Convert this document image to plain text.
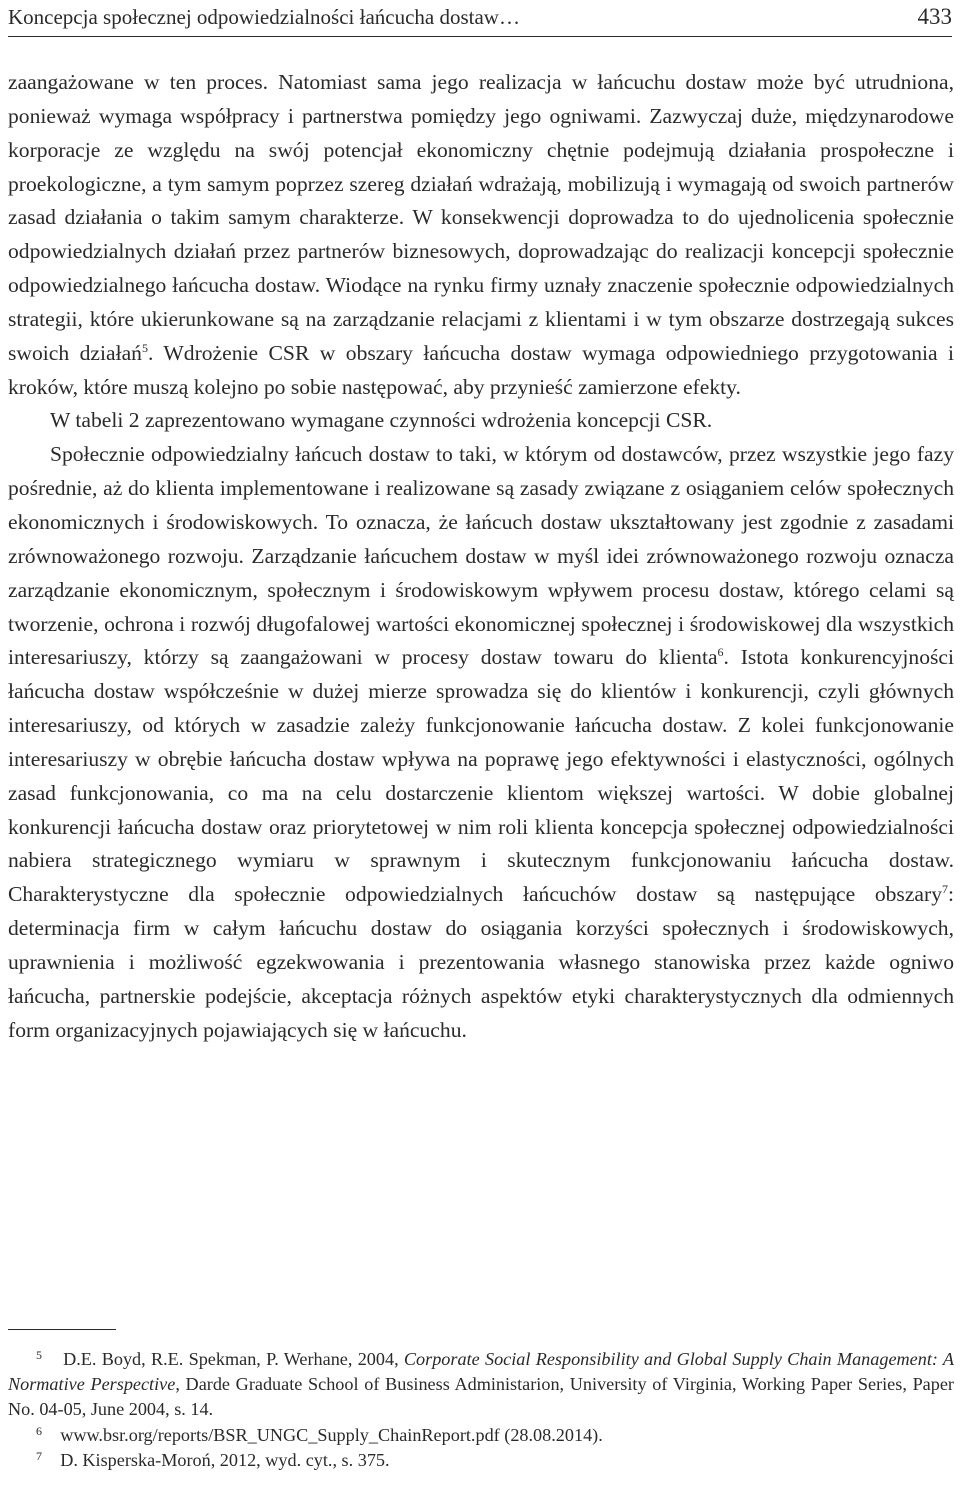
Koncepcja społecznej odpowiedzialności łańcucha dostaw…	433

zaangażowane w ten proces. Natomiast sama jego realizacja w łańcuchu dostaw może być utrudniona, ponieważ wymaga współpracy i partnerstwa pomiędzy jego ogniwami. Zazwyczaj duże, międzynarodowe korporacje ze względu na swój potencjał ekonomiczny chętnie podejmują działania prospołeczne i proekologiczne, a tym samym poprzez szereg działań wdrażają, mobilizują i wymagają od swoich partnerów zasad działania o takim samym charakterze. W konsekwencji doprowadza to do ujednolicenia społecznie odpowiedzialnych działań przez partnerów biznesowych, doprowadzając do realizacji koncepcji społecznie odpowiedzialnego łańcucha dostaw. Wiodące na rynku firmy uznały znaczenie społecznie odpowiedzialnych strategii, które ukierunkowane są na zarządzanie relacjami z klientami i w tym obszarze dostrzegają sukces swoich działań$^5$. Wdrożenie CSR w obszary łańcucha dostaw wymaga odpowiedniego przygotowania i kroków, które muszą kolejno po sobie następować, aby przynieść zamierzone efekty.

W tabeli 2 zaprezentowano wymagane czynności wdrożenia koncepcji CSR.

Społecznie odpowiedzialny łańcuch dostaw to taki, w którym od dostawców, przez wszystkie jego fazy pośrednie, aż do klienta implementowane i realizowane są zasady związane z osiąganiem celów społecznych ekonomicznych i środowiskowych. To oznacza, że łańcuch dostaw ukształtowany jest zgodnie z zasadami zrównoważonego rozwoju. Zarządzanie łańcuchem dostaw w myśl idei zrównoważonego rozwoju oznacza zarządzanie ekonomicznym, społecznym i środowiskowym wpływem procesu dostaw, którego celami są tworzenie, ochrona i rozwój długofalowej wartości ekonomicznej społecznej i środowiskowej dla wszystkich interesariuszy, którzy są zaangażowani w procesy dostaw towaru do klienta$^6$. Istota konkurencyjności łańcucha dostaw współcześnie w dużej mierze sprowadza się do klientów i konkurencji, czyli głównych interesariuszy, od których w zasadzie zależy funkcjonowanie łańcucha dostaw. Z kolei funkcjonowanie interesariuszy w obrębie łańcucha dostaw wpływa na poprawę jego efektywności i elastyczności, ogólnych zasad funkcjonowania, co ma na celu dostarczenie klientom większej wartości. W dobie globalnej konkurencji łańcucha dostaw oraz priorytetowej w nim roli klienta koncepcja społecznej odpowiedzialności nabiera strategicznego wymiaru w sprawnym i skutecznym funkcjonowaniu łańcucha dostaw. Charakterystyczne dla społecznie odpowiedzialnych łańcuchów dostaw są następujące obszary$^7$: determinacja firm w całym łańcuchu dostaw do osiągania korzyści społecznych i środowiskowych, uprawnienia i możliwość egzekwowania i prezentowania własnego stanowiska przez każde ogniwo łańcucha, partnerskie podejście, akceptacja różnych aspektów etyki charakterystycznych dla odmiennych form organizacyjnych pojawiających się w łańcuchu.

$^5$ D.E. Boyd, R.E. Spekman, P. Werhane, 2004, Corporate Social Responsibility and Global Supply Chain Management: A Normative Perspective, Darde Graduate School of Business Administarion, University of Virginia, Working Paper Series, Paper No. 04-05, June 2004, s. 14.

$^6$ www.bsr.org/reports/BSR_UNGC_Supply_ChainReport.pdf (28.08.2014).

$^7$ D. Kisperska-Moroń, 2012, wyd. cyt., s. 375.
